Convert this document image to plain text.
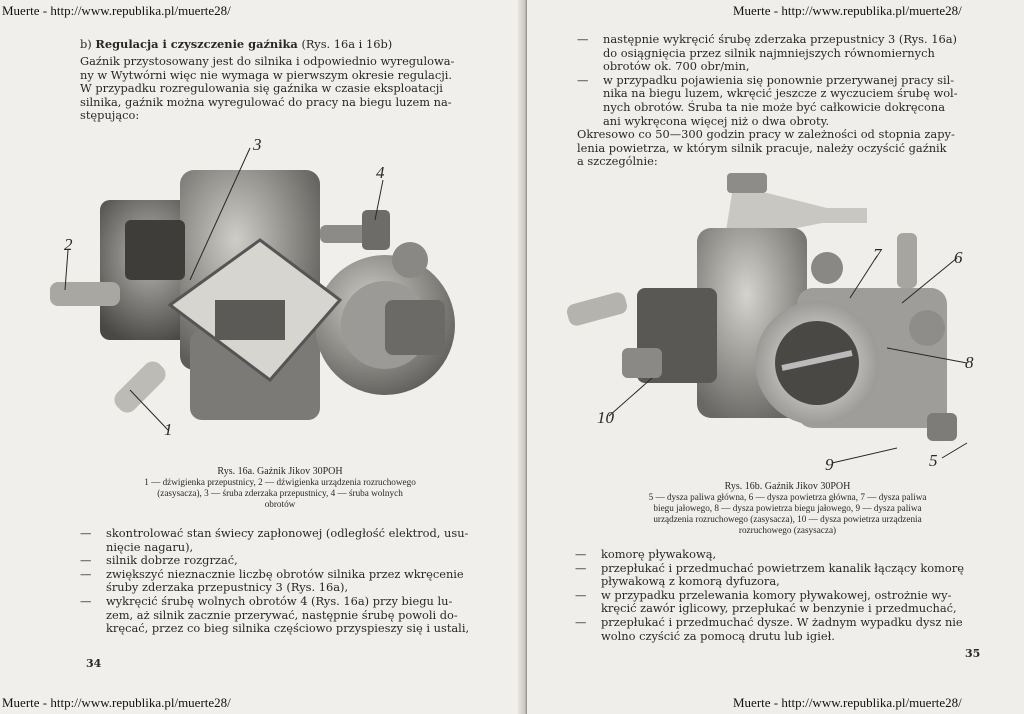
Muerte - http://www.republika.pl/muerte28/
Muerte - http://www.republika.pl/muerte28/
b) Regulacja i czyszczenie gaźnika (Rys. 16a i 16b)

Gaźnik przystosowany jest do silnika i odpowiednio wyregulowa-

ny w Wytwórni więc nie wymaga w pierwszym okresie regulacji.

W przypadku rozregulowania się gaźnika w czasie eksploatacji

silnika, gaźnik można wyregulować do pracy na biegu luzem na-

stępująco:

3
4
2
1
Rys. 16a. Gaźnik Jikov 30POH
1 — dźwigienka przepustnicy, 2 — dźwigienka urządzenia rozruchowego
(zasysacza), 3 — śruba zderzaka przepustnicy, 4 — śruba wolnych
obrotów
— skontrolować stan świecy zapłonowej (odległość elektrod, usu-
nięcie nagaru),
— silnik dobrze rozgrzać,
— zwiększyć nieznacznie liczbę obrotów silnika przez wkręcenie
śruby zderzaka przepustnicy 3 (Rys. 16a),
— wykręcić śrubę wolnych obrotów 4 (Rys. 16a) przy biegu lu-
zem, aż silnik zacznie przerywać, następnie śrubę powoli do-
kręcać, przez co bieg silnika częściowo przyspieszy się i ustali,
34
Muerte - http://www.republika.pl/muerte28/
Muerte - http://www.republika.pl/muerte28/
— następnie wykręcić śrubę zderzaka przepustnicy 3 (Rys. 16a)
do osiągnięcia przez silnik najmniejszych równomiernych
obrotów ok. 700 obr/min,
— w przypadku pojawienia się ponownie przerywanej pracy sil-
nika na biegu luzem, wkręcić jeszcze z wyczuciem śrubę wol-
nych obrotów. Śruba ta nie może być całkowicie dokręcona
ani wykręcona więcej niż o dwa obroty.

Okresowo co 50—300 godzin pracy w zależności od stopnia zapy-

lenia powietrza, w którym silnik pracuje, należy oczyścić gaźnik

a szczególnie:

7	6
8
10
9	5
Rys. 16b. Gaźnik Jikov 30POH
5 — dysza paliwa główna, 6 — dysza powietrza główna, 7 — dysza paliwa
biegu jałowego, 8 — dysza powietrza biegu jałowego, 9 — dysza paliwa
urządzenia rozruchowego (zasysacza), 10 — dysza powietrza urządzenia
rozruchowego (zasysacza)
— komorę pływakową,
— przepłukać i przedmuchać powietrzem kanalik łączący komorę
pływakową z komorą dyfuzora,
— w przypadku przelewania komory pływakowej, ostrożnie wy-
kręcić zawór iglicowy, przepłukać w benzynie i przedmuchać,
— przepłukać i przedmuchać dysze. W żadnym wypadku dysz nie
wolno czyścić za pomocą drutu lub igieł.
35
